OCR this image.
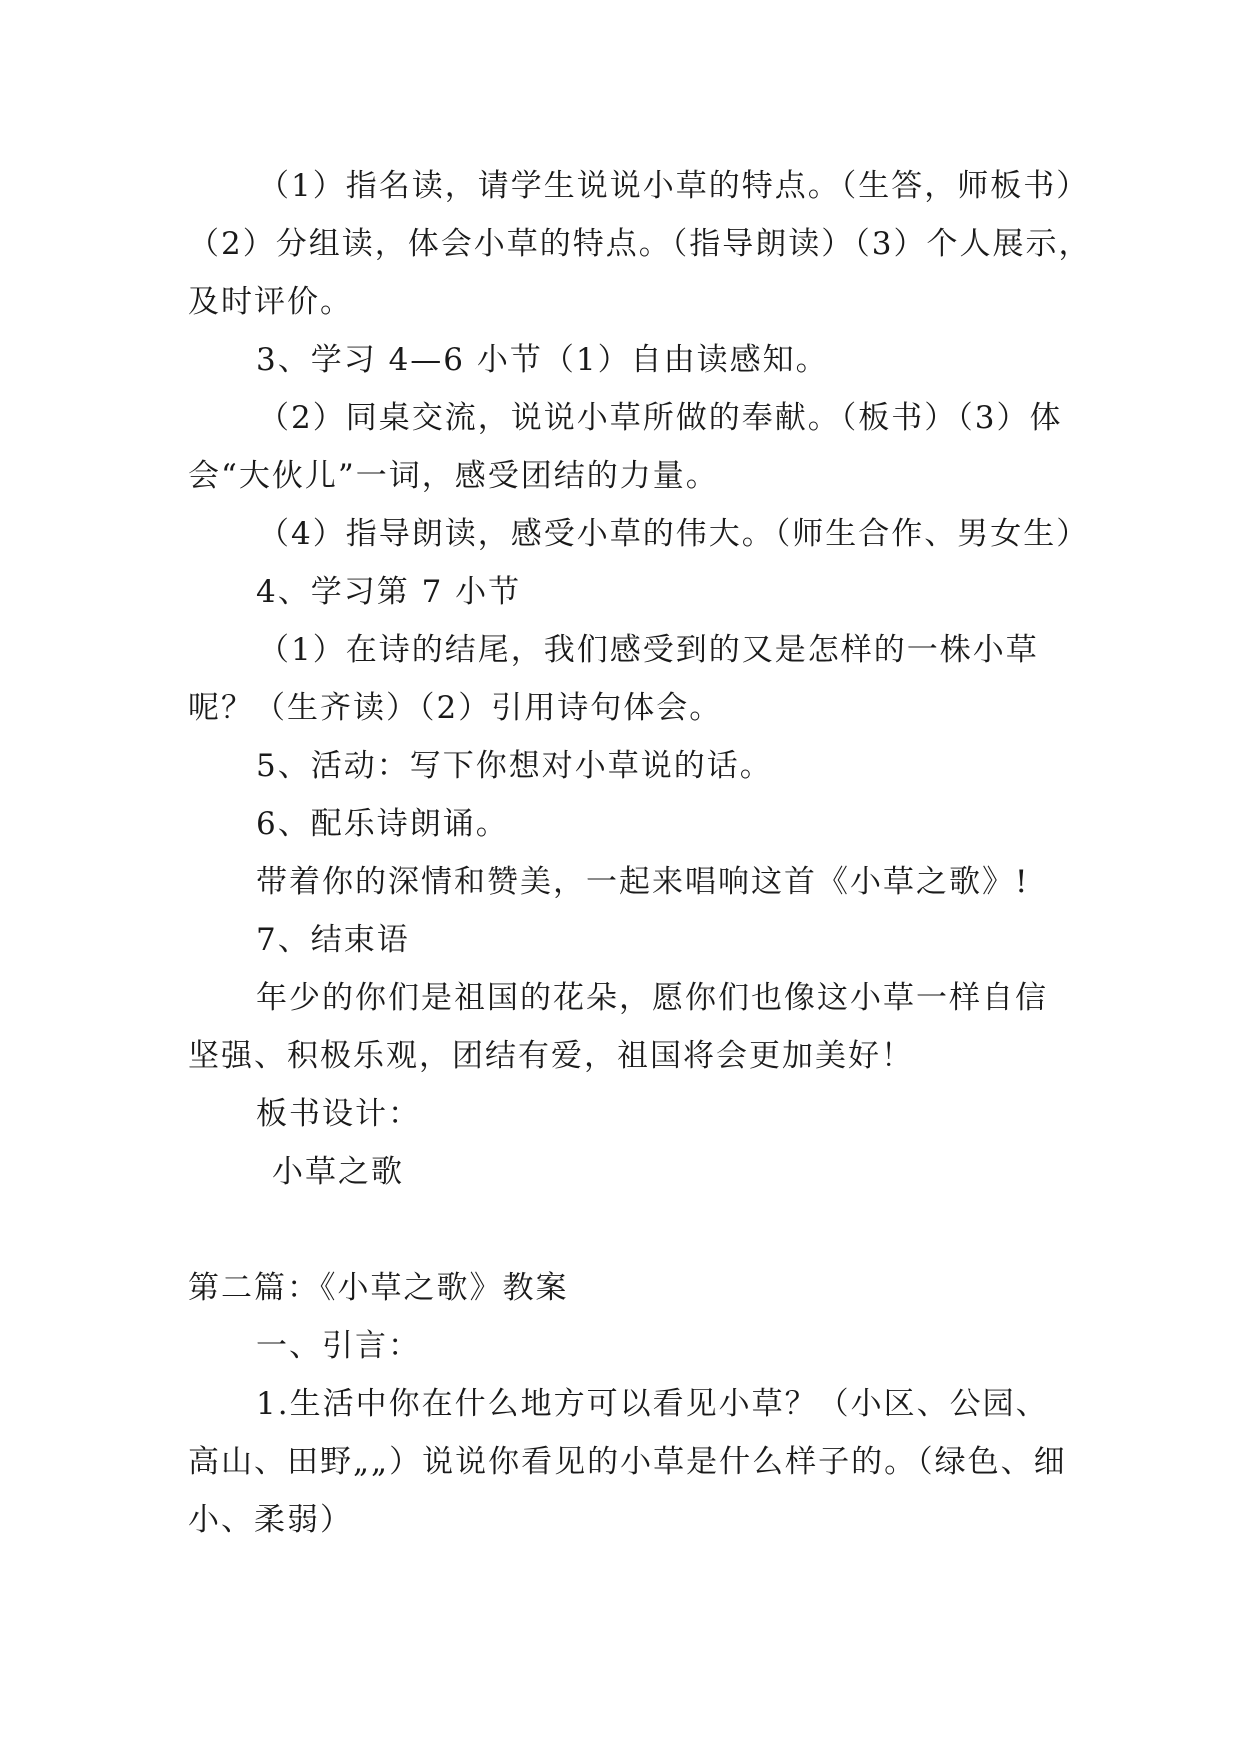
（1）指名读，请学生说说小草的特点。（生答，师板书）
（2）分组读，体会小草的特点。（指导朗读）（3）个人展示，
及时评价。
3、学习 4—6 小节（1）自由读感知。
（2）同桌交流，说说小草所做的奉献。（板书）（3）体
会“大伙儿”一词，感受团结的力量。
（4）指导朗读，感受小草的伟大。（师生合作、男女生）
4、学习第 7 小节
（1）在诗的结尾，我们感受到的又是怎样的一株小草
呢？（生齐读）（2）引用诗句体会。
5、活动：写下你想对小草说的话。
6、配乐诗朗诵。
带着你的深情和赞美，一起来唱响这首《小草之歌》!
7、结束语
年少的你们是祖国的花朵，愿你们也像这小草一样自信
坚强、积极乐观，团结有爱，祖国将会更加美好！
板书设计：
小草之歌
第二篇：《小草之歌》教案
一、引言：
1.生活中你在什么地方可以看见小草？（小区、公园、
高山、田野„„）说说你看见的小草是什么样子的。（绿色、细
小、柔弱）
